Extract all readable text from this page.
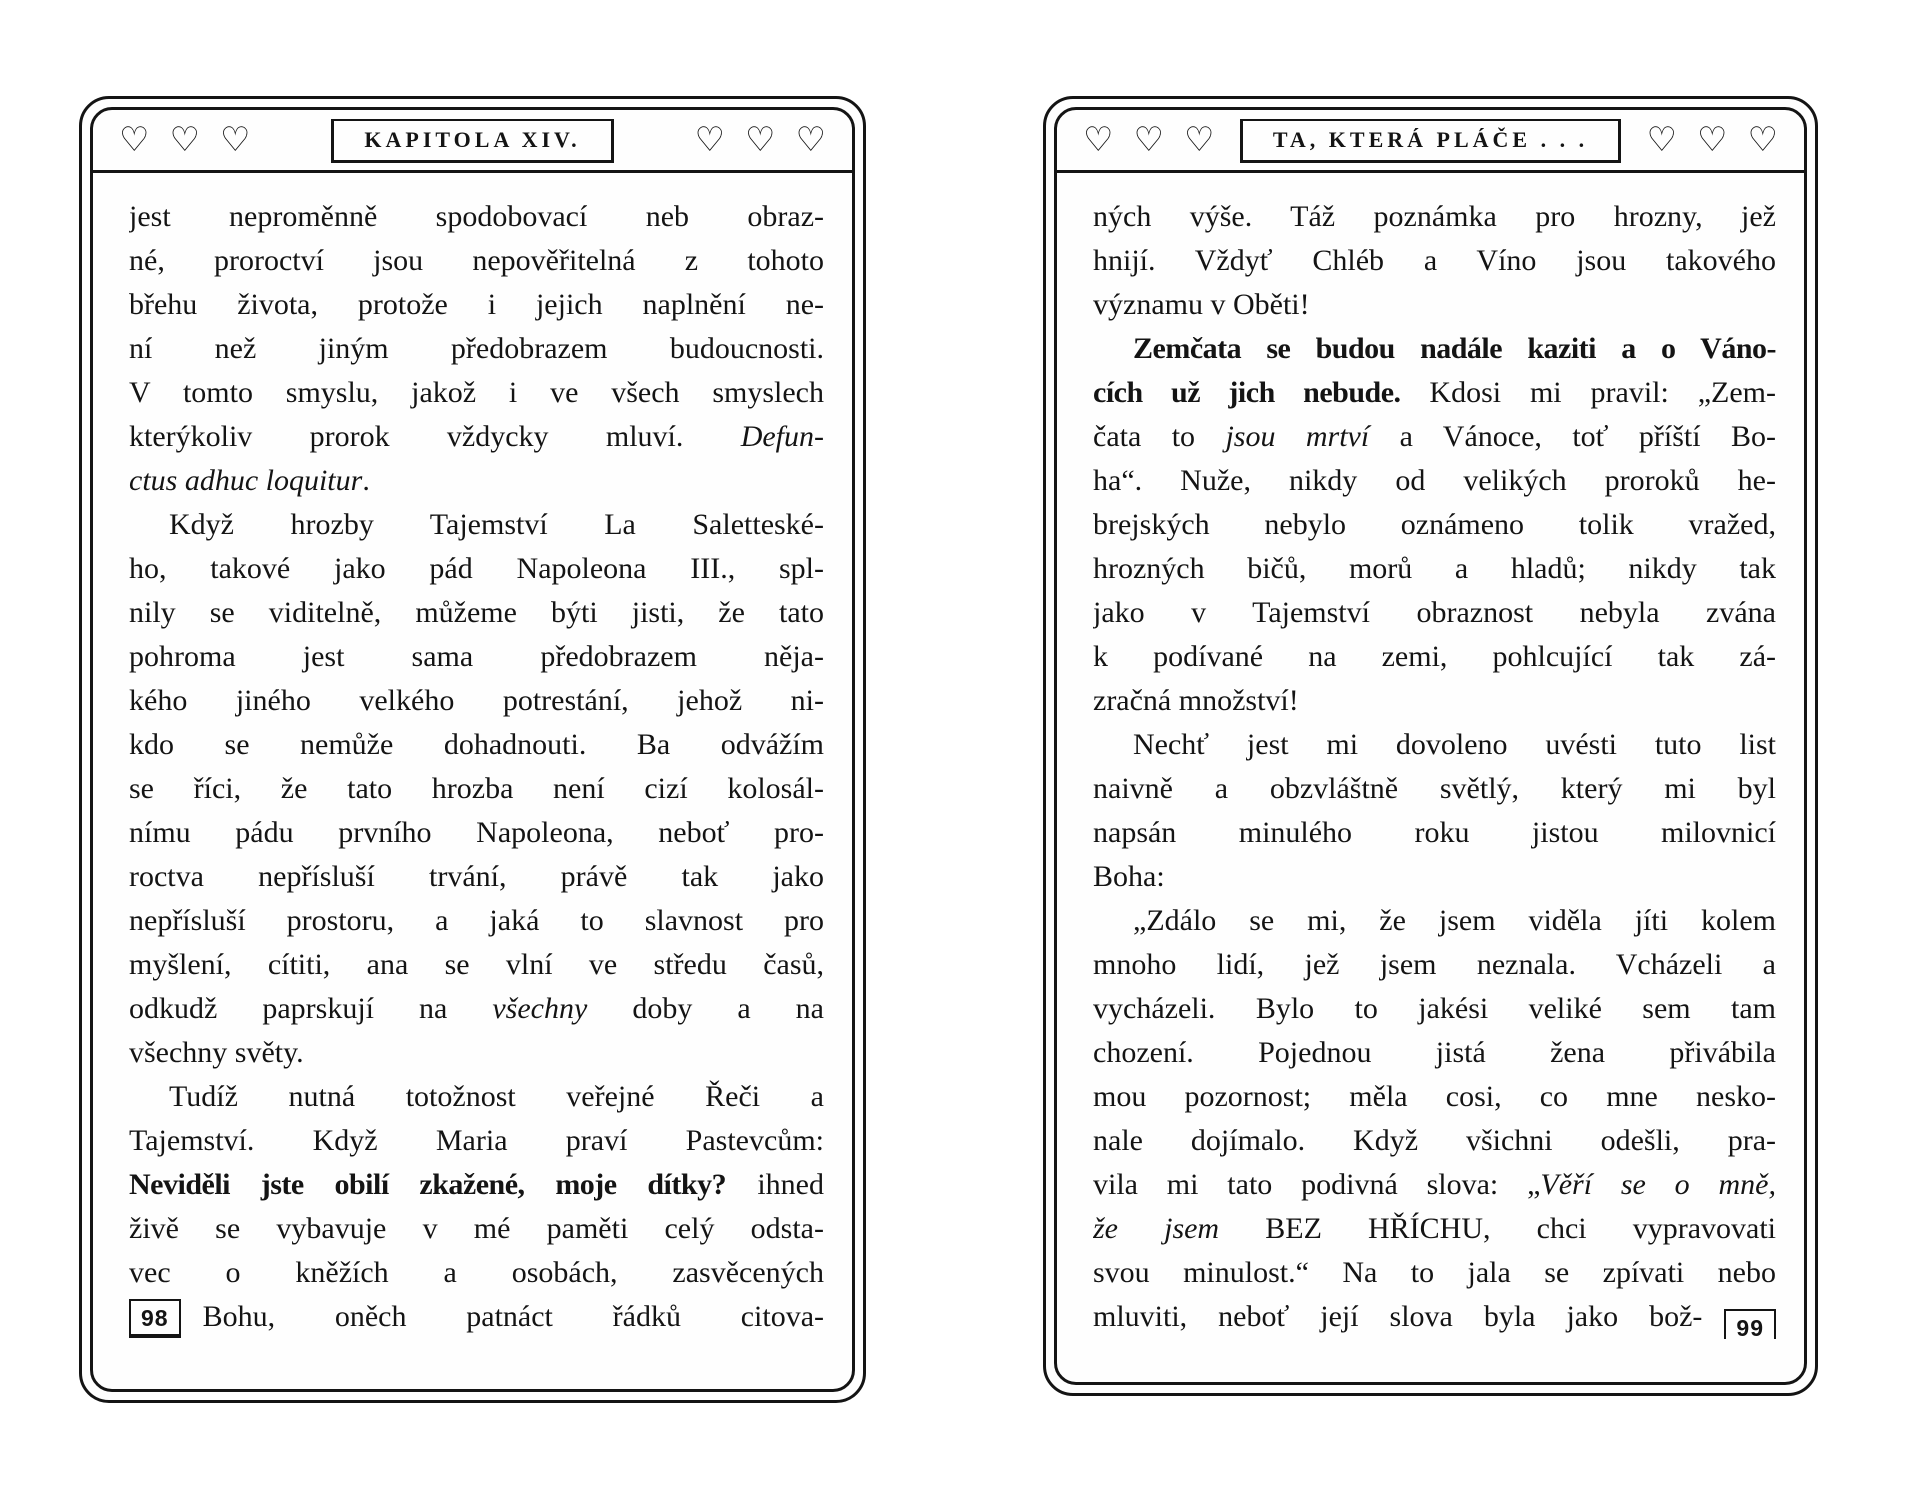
♡ ♡ ♡	KAPITOLA XIV.	♡ ♡ ♡
jest neproměnně spodobovací neb obraz-
né, proroctví jsou nepověřitelná z tohoto
břehu života, protože i jejich naplnění ne-
ní než jiným předobrazem budoucnosti.
V tomto smyslu, jakož i ve všech smyslech
kterýkoliv prorok vždycky mluví. Defun-
ctus adhuc loquitur.
Když hrozby Tajemství La Saletteské-
ho, takové jako pád Napoleona III., spl-
nily se viditelně, můžeme býti jisti, že tato
pohroma jest sama předobrazem něja-
kého jiného velkého potrestání, jehož ni-
kdo se nemůže dohadnouti. Ba odvážím
se říci, že tato hrozba není cizí kolosál-
nímu pádu prvního Napoleona, neboť pro-
roctva nepřísluší trvání, právě tak jako
nepřísluší prostoru, a jaká to slavnost pro
myšlení, cítiti, ana se vlní ve středu časů,
odkudž paprskují na všechny doby a na
všechny světy.
Tudíž nutná totožnost veřejné Řeči a
Tajemství. Když Maria praví Pastevcům:
Neviděli jste obilí zkažené, moje dítky? ihned
živě se vybavuje v mé paměti celý odsta-
vec o kněžích a osobách, zasvěcených
98	Bohu, oněch patnáct řádků citova-
♡ ♡ ♡	TA, KTERÁ PLÁČE . . .	♡ ♡ ♡
ných výše. Táž poznámka pro hrozny, jež
hnijí. Vždyť Chléb a Víno jsou takového
významu v Oběti!
Zemčata se budou nadále kaziti a o Váno-
cích už jich nebude. Kdosi mi pravil: „Zem-
čata to jsou mrtví a Vánoce, toť příští Bo-
ha“. Nuže, nikdy od velikých proroků he-
brejských nebylo oznámeno tolik vražed,
hrozných bičů, morů a hladů; nikdy tak
jako v Tajemství obraznost nebyla zvána
k podívané na zemi, pohlcující tak zá-
zračná množství!
Nechť jest mi dovoleno uvésti tuto list
naivně a obzvláštně světlý, který mi byl
napsán minulého roku jistou milovnicí
Boha:
„Zdálo se mi, že jsem viděla jíti kolem
mnoho lidí, jež jsem neznala. Vcházeli a
vycházeli. Bylo to jakési veliké sem tam
chození. Pojednou jistá žena přivábila
mou pozornost; měla cosi, co mne nesko-
nale dojímalo. Když všichni odešli, pra-
vila mi tato podivná slova: „Věří se o mně,
že jsem BEZ HŘÍCHU, chci vypravovati
svou minulost.“ Na to jala se zpívati nebo
mluviti, neboť její slova byla jako bož-	99
